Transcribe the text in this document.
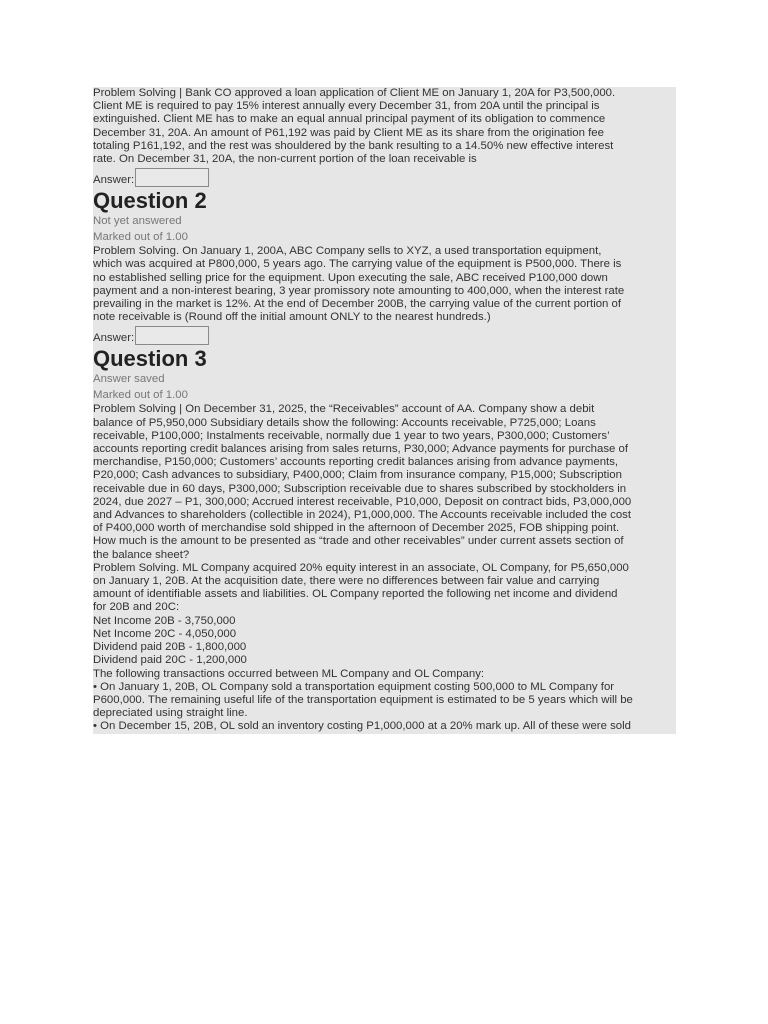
Problem Solving | Bank CO approved a loan application of Client ME on January 1, 20A for P3,500,000.
Client ME is required to pay 15% interest annually every December 31, from 20A until the principal is
extinguished. Client ME has to make an equal annual principal payment of its obligation to commence
December 31, 20A. An amount of P61,192 was paid by Client ME as its share from the origination fee
totaling P161,192, and the rest was shouldered by the bank resulting to a 14.50% new effective interest
rate. On December 31, 20A, the non-current portion of the loan receivable is

Answer:
Question 2
Not yet answered
Marked out of 1.00

Problem Solving. On January 1, 200A, ABC Company sells to XYZ, a used transportation equipment,
which was acquired at P800,000, 5 years ago. The carrying value of the equipment is P500,000. There is
no established selling price for the equipment. Upon executing the sale, ABC received P100,000 down
payment and a non-interest bearing, 3 year promissory note amounting to 400,000, when the interest rate
prevailing in the market is 12%. At the end of December 200B, the carrying value of the current portion of
note receivable is (Round off the initial amount ONLY to the nearest hundreds.)

Answer:
Question 3
Answer saved
Marked out of 1.00

Problem Solving | On December 31, 2025, the “Receivables” account of AA. Company show a debit
balance of P5,950,000 Subsidiary details show the following: Accounts receivable, P725,000; Loans
receivable, P100,000; Instalments receivable, normally due 1 year to two years, P300,000; Customers’
accounts reporting credit balances arising from sales returns, P30,000; Advance payments for purchase of
merchandise, P150,000; Customers’ accounts reporting credit balances arising from advance payments,
P20,000; Cash advances to subsidiary, P400,000; Claim from insurance company, P15,000; Subscription
receivable due in 60 days, P300,000; Subscription receivable due to shares subscribed by stockholders in
2024, due 2027 – P1, 300,000; Accrued interest receivable, P10,000, Deposit on contract bids, P3,000,000
and Advances to shareholders (collectible in 2024), P1,000,000. The Accounts receivable included the cost
of P400,000 worth of merchandise sold shipped in the afternoon of December 2025, FOB shipping point.
How much is the amount to be presented as “trade and other receivables” under current assets section of
the balance sheet?

Problem Solving. ML Company acquired 20% equity interest in an associate, OL Company, for P5,650,000
on January 1, 20B. At the acquisition date, there were no differences between fair value and carrying
amount of identifiable assets and liabilities. OL Company reported the following net income and dividend
for 20B and 20C:

Net Income 20B - 3,750,000
Net Income 20C - 4,050,000
Dividend paid 20B - 1,800,000
Dividend paid 20C - 1,200,000
The following transactions occurred between ML Company and OL Company:

• On January 1, 20B, OL Company sold a transportation equipment costing 500,000 to ML Company for
P600,000. The remaining useful life of the transportation equipment is estimated to be 5 years which will be
depreciated using straight line.

• On December 15, 20B, OL sold an inventory costing P1,000,000 at a 20% mark up. All of these were sold
